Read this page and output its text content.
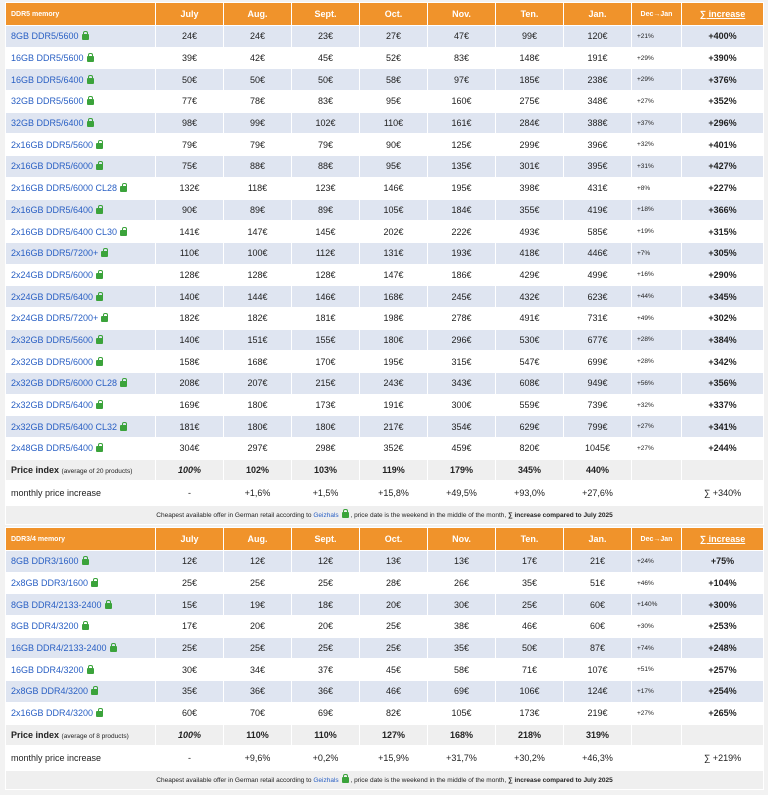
DDR5 memory	July	Aug.	Sept.	Oct.	Nov.	Ten.	Jan.	Dec→Jan	∑ increase
8GB DDR5/5600	24€	24€	23€	27€	47€	99€	120€	+21%	+400%
16GB DDR5/5600	39€	42€	45€	52€	83€	148€	191€	+29%	+390%
16GB DDR5/6400	50€	50€	50€	58€	97€	185€	238€	+29%	+376%
32GB DDR5/5600	77€	78€	83€	95€	160€	275€	348€	+27%	+352%
32GB DDR5/6400	98€	99€	102€	110€	161€	284€	388€	+37%	+296%
2x16GB DDR5/5600	79€	79€	79€	90€	125€	299€	396€	+32%	+401%
2x16GB DDR5/6000	75€	88€	88€	95€	135€	301€	395€	+31%	+427%
2x16GB DDR5/6000 CL28	132€	118€	123€	146€	195€	398€	431€	+8%	+227%
2x16GB DDR5/6400	90€	89€	89€	105€	184€	355€	419€	+18%	+366%
2x16GB DDR5/6400 CL30	141€	147€	145€	202€	222€	493€	585€	+19%	+315%
2x16GB DDR5/7200+	110€	100€	112€	131€	193€	418€	446€	+7%	+305%
2x24GB DDR5/6000	128€	128€	128€	147€	186€	429€	499€	+16%	+290%
2x24GB DDR5/6400	140€	144€	146€	168€	245€	432€	623€	+44%	+345%
2x24GB DDR5/7200+	182€	182€	181€	198€	278€	491€	731€	+49%	+302%
2x32GB DDR5/5600	140€	151€	155€	180€	296€	530€	677€	+28%	+384%
2x32GB DDR5/6000	158€	168€	170€	195€	315€	547€	699€	+28%	+342%
2x32GB DDR5/6000 CL28	208€	207€	215€	243€	343€	608€	949€	+56%	+356%
2x32GB DDR5/6400	169€	180€	173€	191€	300€	559€	739€	+32%	+337%
2x32GB DDR5/6400 CL32	181€	180€	180€	217€	354€	629€	799€	+27%	+341%
2x48GB DDR5/6400	304€	297€	298€	352€	459€	820€	1045€	+27%	+244%
Price index (average of 20 products)	100%	102%	103%	119%	179%	345%	440%		
monthly price increase	-	+1,6%	+1,5%	+15,8%	+49,5%	+93,0%	+27,6%		∑ +340%
Cheapest available offer in German retail according to Geizhals , price date is the weekend in the middle of the month, ∑ increase compared to July 2025									
DDR3/4 memory	July	Aug.	Sept.	Oct.	Nov.	Ten.	Jan.	Dec→Jan	∑ increase
8GB DDR3/1600	12€	12€	12€	13€	13€	17€	21€	+24%	+75%
2x8GB DDR3/1600	25€	25€	25€	28€	26€	35€	51€	+46%	+104%
8GB DDR4/2133-2400	15€	19€	18€	20€	30€	25€	60€	+140%	+300%
8GB DDR4/3200	17€	20€	20€	25€	38€	46€	60€	+30%	+253%
16GB DDR4/2133-2400	25€	25€	25€	25€	35€	50€	87€	+74%	+248%
16GB DDR4/3200	30€	34€	37€	45€	58€	71€	107€	+51%	+257%
2x8GB DDR4/3200	35€	36€	36€	46€	69€	106€	124€	+17%	+254%
2x16GB DDR4/3200	60€	70€	69€	82€	105€	173€	219€	+27%	+265%
Price index (average of 8 products)	100%	110%	110%	127%	168%	218%	319%		
monthly price increase	-	+9,6%	+0,2%	+15,9%	+31,7%	+30,2%	+46,3%		∑ +219%
Cheapest available offer in German retail according to Geizhals , price date is the weekend in the middle of the month, ∑ increase compared to July 2025									
